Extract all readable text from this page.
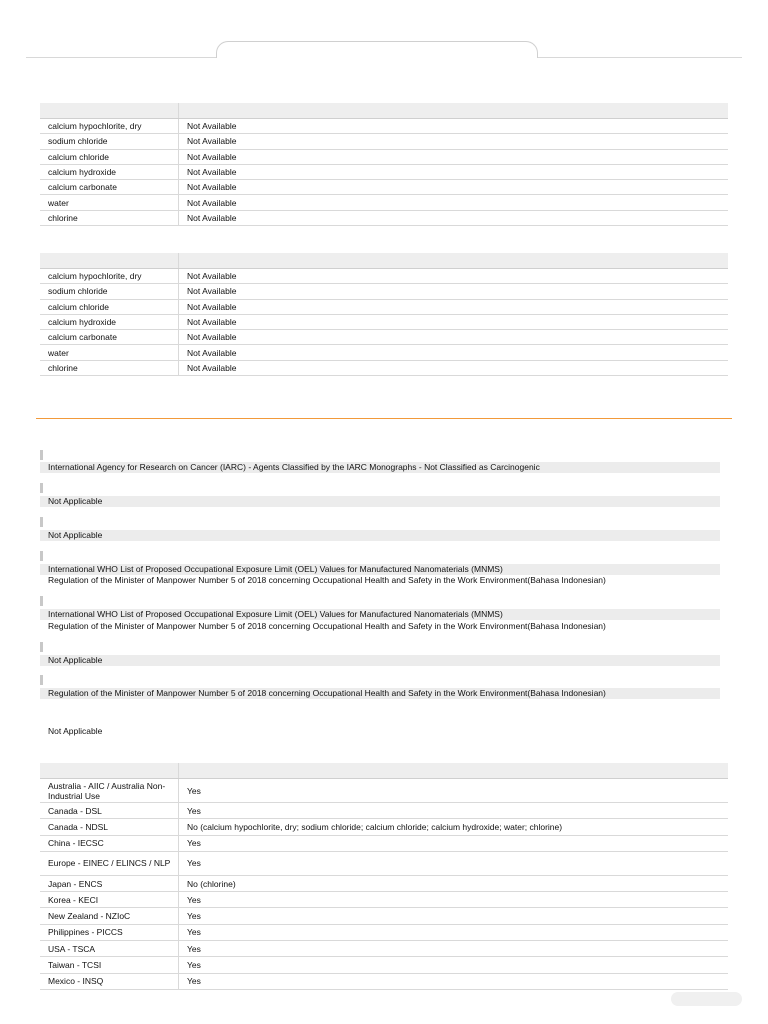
calcium hypochlorite, dry	Not Available
sodium chloride	Not Available
calcium chloride	Not Available
calcium hydroxide	Not Available
calcium carbonate	Not Available
water	Not Available
chlorine	Not Available

calcium hypochlorite, dry	Not Available
sodium chloride	Not Available
calcium chloride	Not Available
calcium hydroxide	Not Available
calcium carbonate	Not Available
water	Not Available
chlorine	Not Available
International Agency for Research on Cancer (IARC) - Agents Classified by the IARC Monographs - Not Classified as Carcinogenic
Not Applicable
Not Applicable
International WHO List of Proposed Occupational Exposure Limit (OEL) Values for Manufactured Nanomaterials (MNMS)
Regulation of the Minister of Manpower Number 5 of 2018 concerning Occupational Health and Safety in the Work Environment(Bahasa Indonesian)
International WHO List of Proposed Occupational Exposure Limit (OEL) Values for Manufactured Nanomaterials (MNMS)
Regulation of the Minister of Manpower Number 5 of 2018 concerning Occupational Health and Safety in the Work Environment(Bahasa Indonesian)
Not Applicable
Regulation of the Minister of Manpower Number 5 of 2018 concerning Occupational Health and Safety in the Work Environment(Bahasa Indonesian)
Not Applicable

Australia - AIIC / Australia Non-Industrial Use	Yes
Canada - DSL	Yes
Canada - NDSL	No (calcium hypochlorite, dry; sodium chloride; calcium chloride; calcium hydroxide; water; chlorine)
China - IECSC	Yes
Europe - EINEC / ELINCS / NLP	Yes
Japan - ENCS	No (chlorine)
Korea - KECI	Yes
New Zealand - NZIoC	Yes
Philippines - PICCS	Yes
USA - TSCA	Yes
Taiwan - TCSI	Yes
Mexico - INSQ	Yes
